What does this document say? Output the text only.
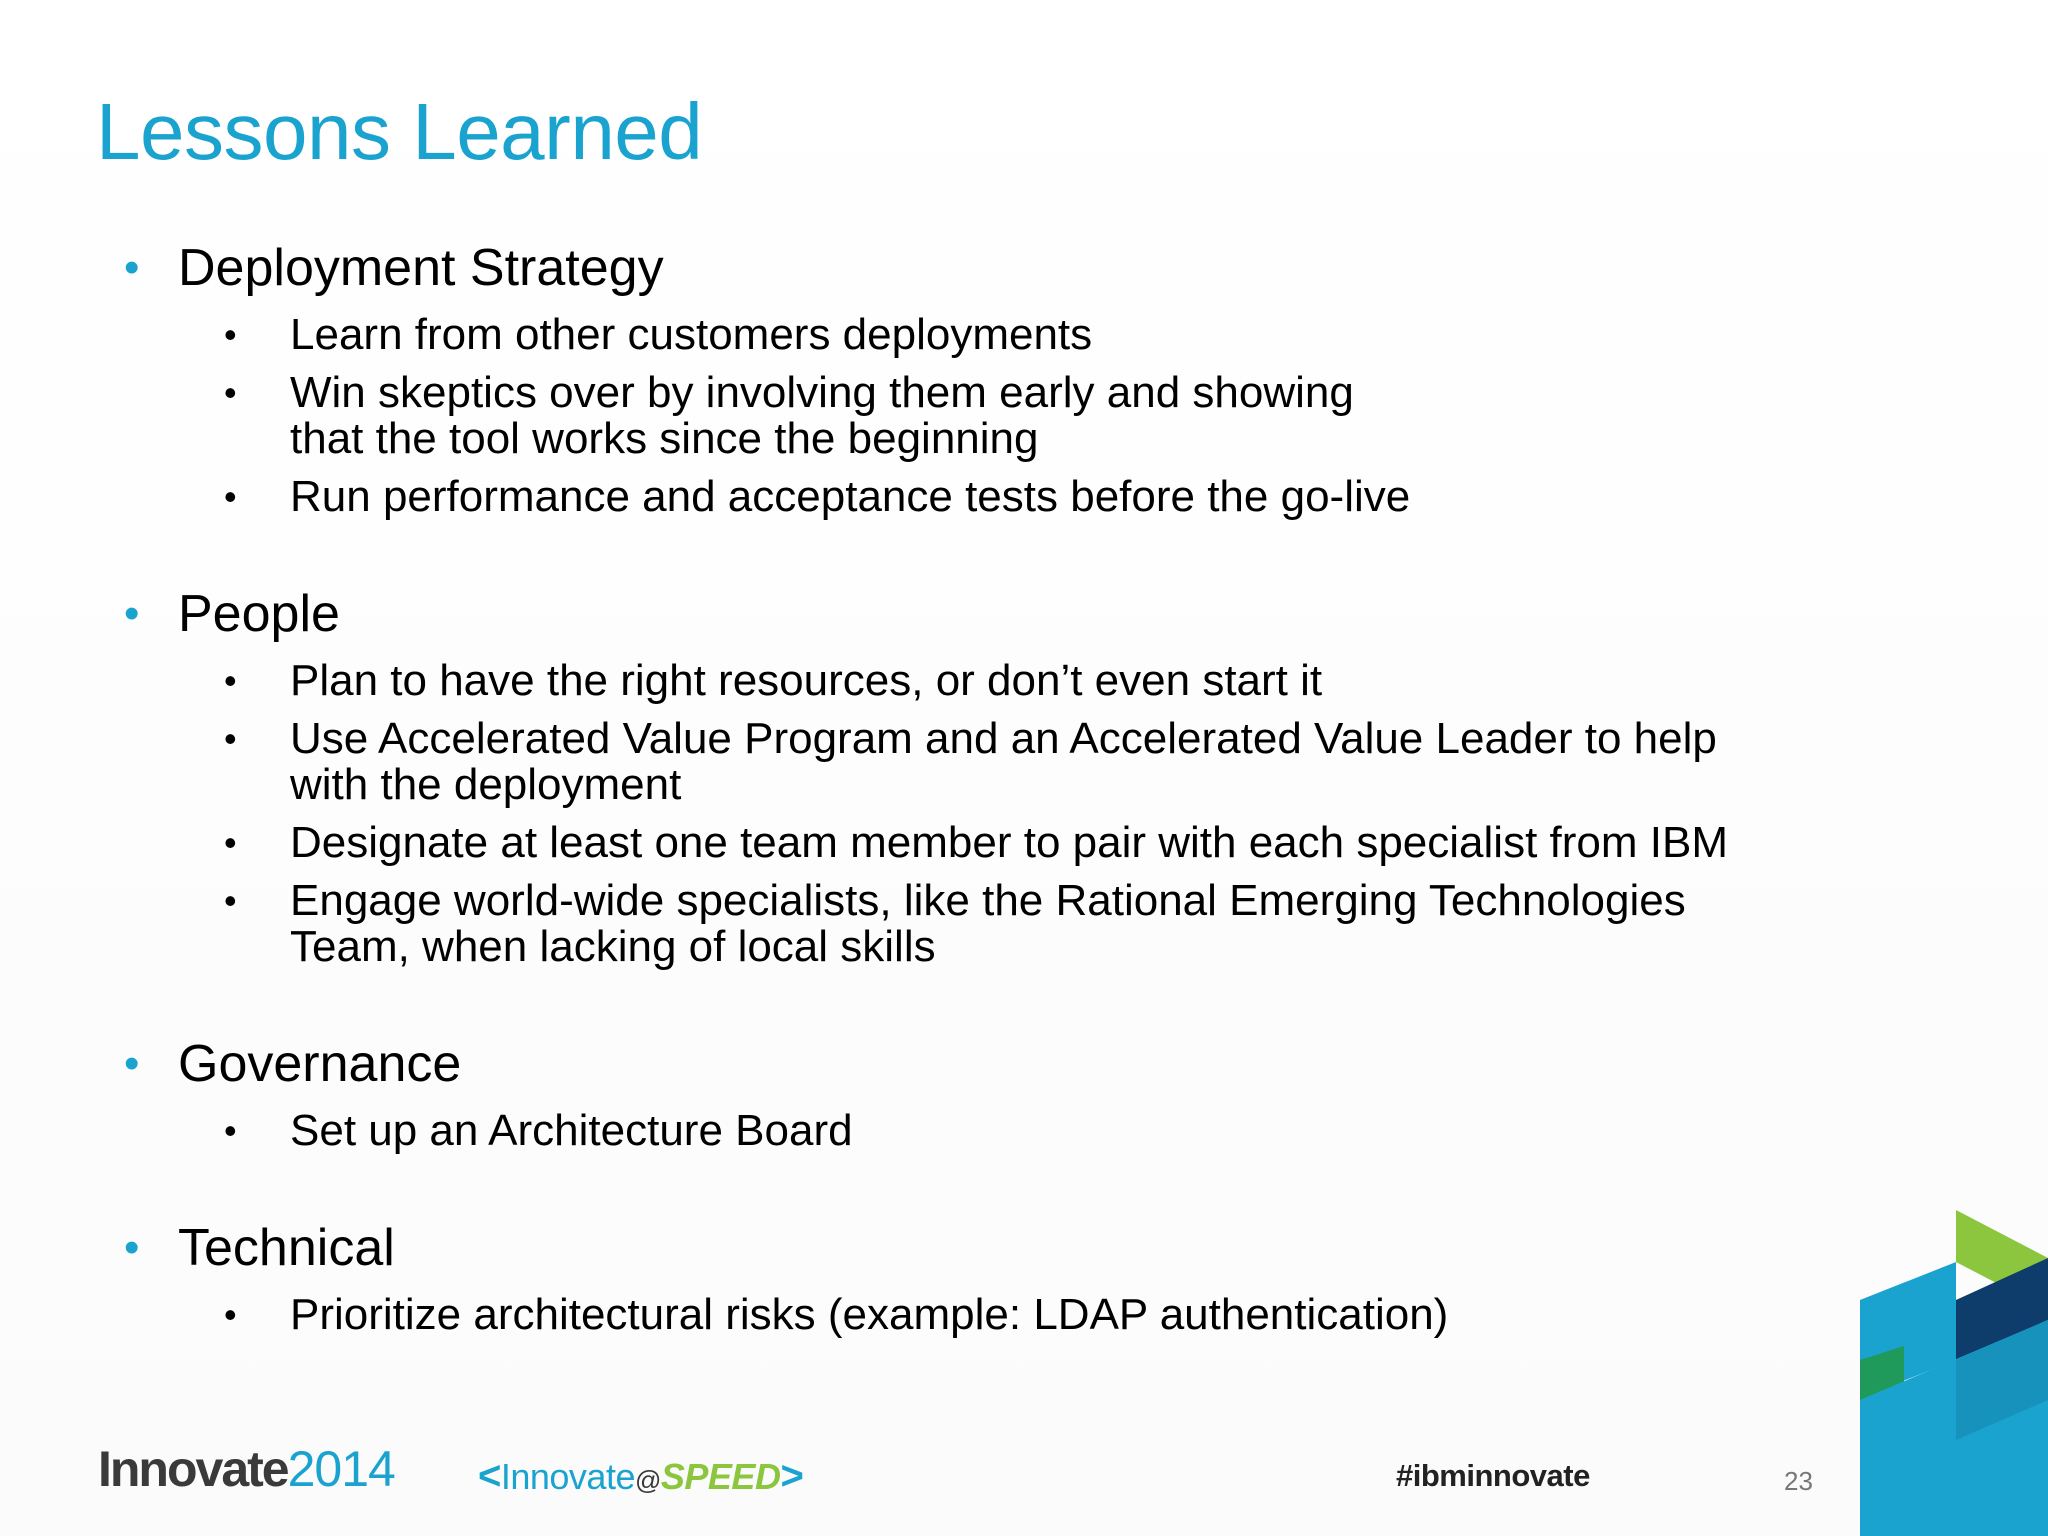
Lessons Learned
• Deployment Strategy
• Learn from other customers deployments
• Win skeptics over by involving them early and showing
that the tool works since the beginning
• Run performance and acceptance tests before the go-live
• People
• Plan to have the right resources, or don’t even start it
• Use Accelerated Value Program and an Accelerated Value Leader to help
with the deployment
• Designate at least one team member to pair with each specialist from IBM
• Engage world-wide specialists, like the Rational Emerging Technologies
Team, when lacking of local skills
• Governance
• Set up an Architecture Board
• Technical
• Prioritize architectural risks (example: LDAP authentication)
Innovate2014 <Innovate@SPEED>	#ibminnovate	23
